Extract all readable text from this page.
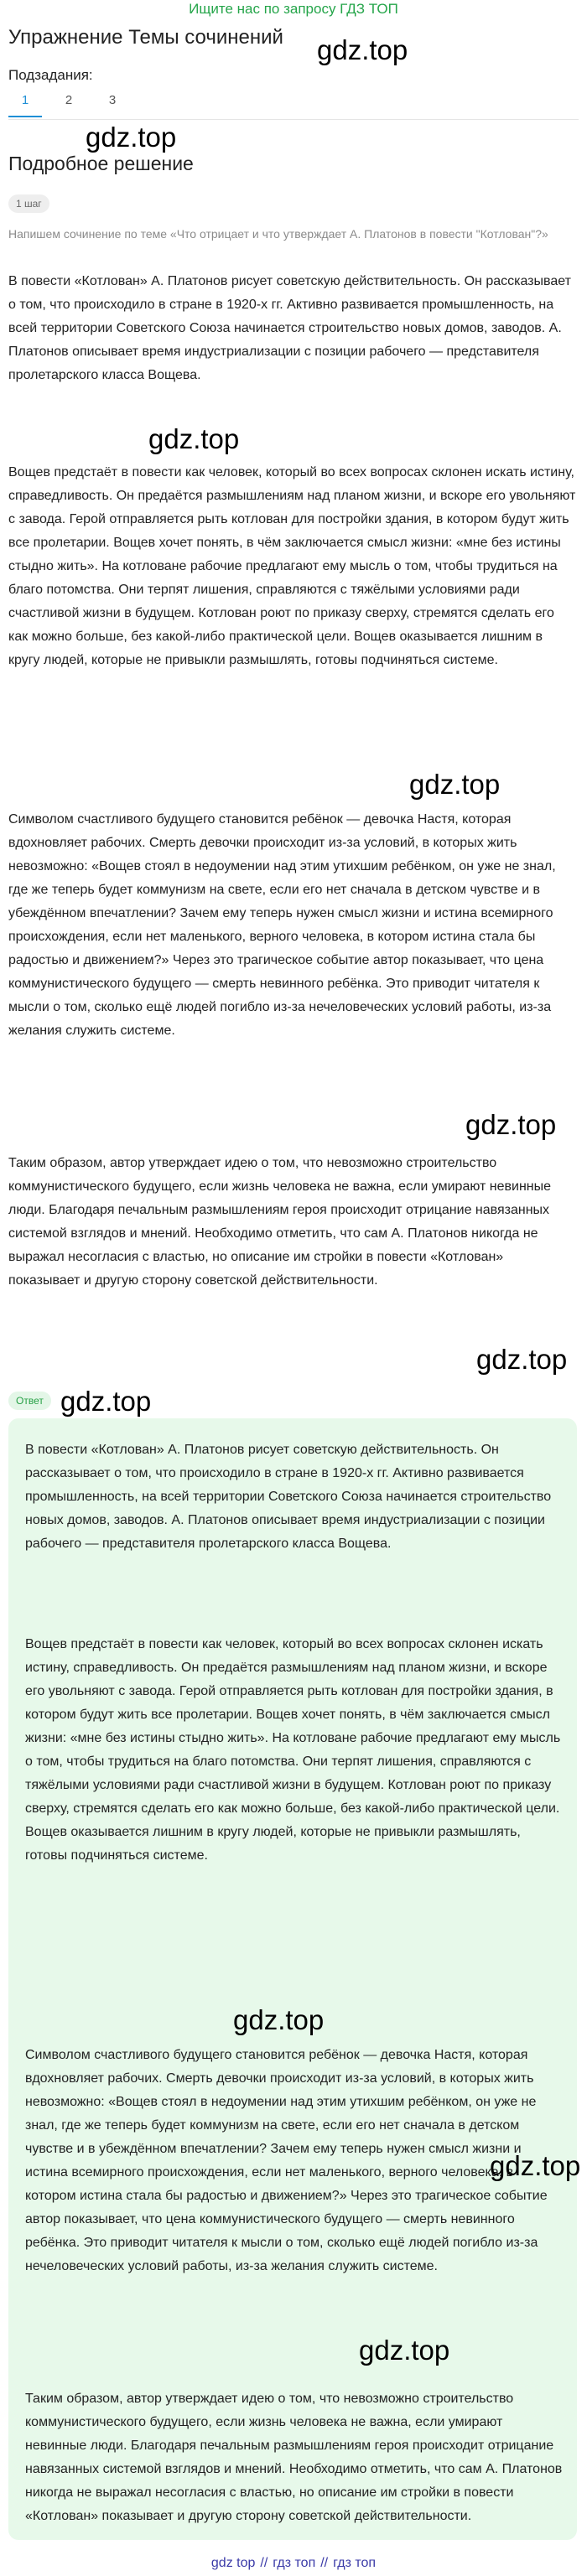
Ищите нас по запросу ГДЗ ТОП
Упражнение Темы сочинений gdz.top
Подзадания:
1	2	3
gdz.top
Подробное решение
1 шаг
Напишем сочинение по теме «Что отрицает и что утверждает А. Платонов в повести "Котлован"?»

В повести «Котлован» А. Платонов рисует советскую действительность. Он рассказывает о том, что происходило в стране в 1920-х гг. Активно развивается промышленность, на всей территории Советского Союза начинается строительство новых домов, заводов. А. Платонов описывает время индустриализации с позиции рабочего — представителя пролетарского класса Вощева.

gdz.top

Вощев предстаёт в повести как человек, который во всех вопросах склонен искать истину, справедливость. Он предаётся размышлениям над планом жизни, и вскоре его увольняют с завода. Герой отправляется рыть котлован для постройки здания, в котором будут жить все пролетарии. Вощев хочет понять, в чём заключается смысл жизни: «мне без истины стыдно жить». На котловане рабочие предлагают ему мысль о том, чтобы трудиться на благо потомства. Они терпят лишения, справляются с тяжёлыми условиями ради счастливой жизни в будущем. Котлован роют по приказу сверху, стремятся сделать его как можно больше, без какой-либо практической цели. Вощев оказывается лишним в кругу людей, которые не привыкли размышлять, готовы подчиняться системе.

gdz.top

Символом счастливого будущего становится ребёнок — девочка Настя, которая вдохновляет рабочих. Смерть девочки происходит из-за условий, в которых жить невозможно: «Вощев стоял в недоумении над этим утихшим ребёнком, он уже не знал, где же теперь будет коммунизм на свете, если его нет сначала в детском чувстве и в убеждённом впечатлении? Зачем ему теперь нужен смысл жизни и истина всемирного происхождения, если нет маленького, верного человека, в котором истина стала бы радостью и движением?» Через это трагическое событие автор показывает, что цена коммунистического будущего — смерть невинного ребёнка. Это приводит читателя к мысли о том, сколько ещё людей погибло из-за нечеловеческих условий работы, из-за желания служить системе.

gdz.top

Таким образом, автор утверждает идею о том, что невозможно строительство коммунистического будущего, если жизнь человека не важна, если умирают невинные люди. Благодаря печальным размышлениям героя происходит отрицание навязанных системой взглядов и мнений. Необходимо отметить, что сам А. Платонов никогда не выражал несогласия с властью, но описание им стройки в повести «Котлован» показывает и другую сторону советской действительности.

gdz.top
Ответ gdz.top

В повести «Котлован» А. Платонов рисует советскую действительность. Он рассказывает о том, что происходило в стране в 1920-х гг. Активно развивается промышленность, на всей территории Советского Союза начинается строительство новых домов, заводов. А. Платонов описывает время индустриализации с позиции рабочего — представителя пролетарского класса Вощева.

Вощев предстаёт в повести как человек, который во всех вопросах склонен искать истину, справедливость. Он предаётся размышлениям над планом жизни, и вскоре его увольняют с завода. Герой отправляется рыть котлован для постройки здания, в котором будут жить все пролетарии. Вощев хочет понять, в чём заключается смысл жизни: «мне без истины стыдно жить». На котловане рабочие предлагают ему мысль о том, чтобы трудиться на благо потомства. Они терпят лишения, справляются с тяжёлыми условиями ради счастливой жизни в будущем. Котлован роют по приказу сверху, стремятся сделать его как можно больше, без какой-либо практической цели. Вощев оказывается лишним в кругу людей, которые не привыкли размышлять, готовы подчиняться системе.

gdz.top

Символом счастливого будущего становится ребёнок — девочка Настя, которая вдохновляет рабочих. Смерть девочки происходит из-за условий, в которых жить невозможно: «Вощев стоял в недоумении над этим утихшим ребёнком, он уже не знал, где же теперь будет коммунизм на свете, если его нет сначала в детском чувстве и в убеждённом впечатлении? Зачем ему теперь нужен смысл жизни и истина всемирного происхождения, если нет маленького, верного человека, в котором истина стала бы радостью и движением?» Через это трагическое событие автор показывает, что цена коммунистического будущего — смерть невинного ребёнка. Это приводит читателя к мысли о том, сколько ещё людей погибло из-за нечеловеческих условий работы, из-за желания служить системе.

gdz.top
gdz.top

Таким образом, автор утверждает идею о том, что невозможно строительство коммунистического будущего, если жизнь человека не важна, если умирают невинные люди. Благодаря печальным размышлениям героя происходит отрицание навязанных системой взглядов и мнений. Необходимо отметить, что сам А. Платонов никогда не выражал несогласия с властью, но описание им стройки в повести «Котлован» показывает и другую сторону советской действительности.

gdz top // гдз топ // гдз топ
